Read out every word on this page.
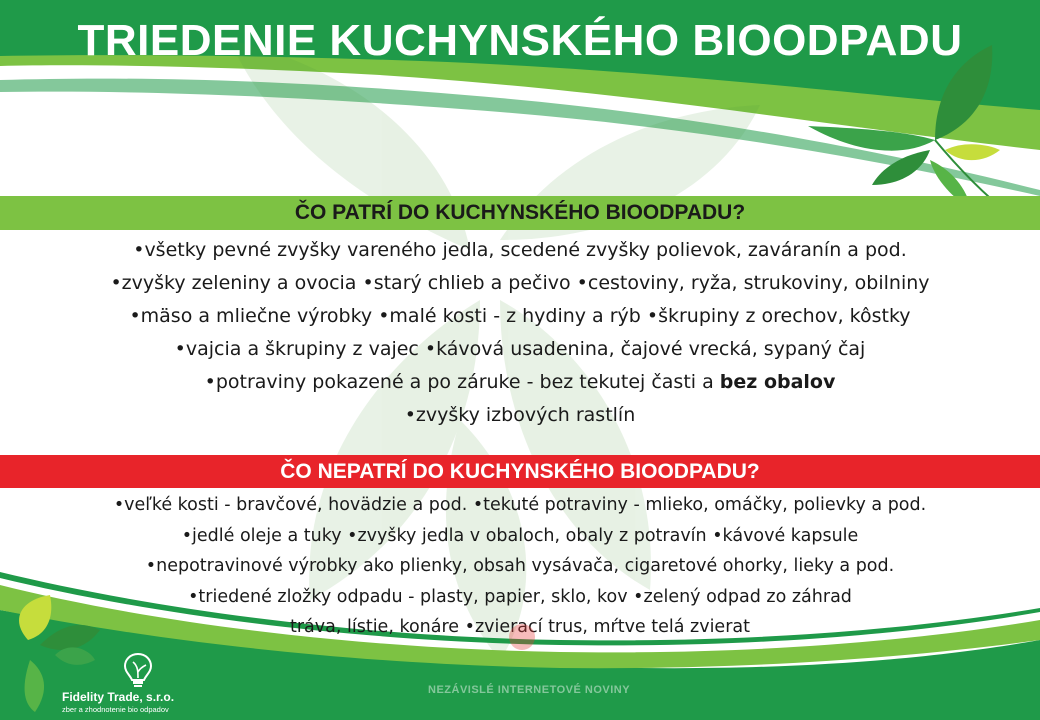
TRIEDENIE KUCHYNSKÉHO BIOODPADU
ČO PATRÍ DO KUCHYNSKÉHO BIOODPADU?
•všetky pevné zvyšky vareného jedla, scedené zvyšky polievok, zaváranín a pod.
•zvyšky zeleniny a ovocia •starý chlieb a pečivo •cestoviny, ryža, strukoviny, obilniny
•mäso a mliečne výrobky •malé kosti - z hydiny a rýb •škrupiny z orechov, kôstky
•vajcia a škrupiny z vajec •kávová usadenina, čajové vrecká, sypaný čaj
•potraviny pokazené a po záruke - bez tekutej časti a bez obalov
•zvyšky izbových rastlín
ČO NEPATRÍ DO KUCHYNSKÉHO BIOODPADU?
•veľké kosti - bravčové, hovädzie a pod. •tekuté potraviny - mlieko, omáčky, polievky a pod.
•jedlé oleje a tuky •zvyšky jedla v obaloch, obaly z potravín •kávové kapsule
•nepotravinové výrobky ako plienky, obsah vysávača, cigaretové ohorky, lieky a pod.
•triedené zložky odpadu - plasty, papier, sklo, kov •zelený odpad zo záhrad
tráva, lístie, konáre •zvierací trus, mŕtve telá zvierat
Fidelity Trade, s.r.o.
zber a zhodnotenie bio odpadov
NEZÁVISLÉ INTERNETOVÉ NOVINY
